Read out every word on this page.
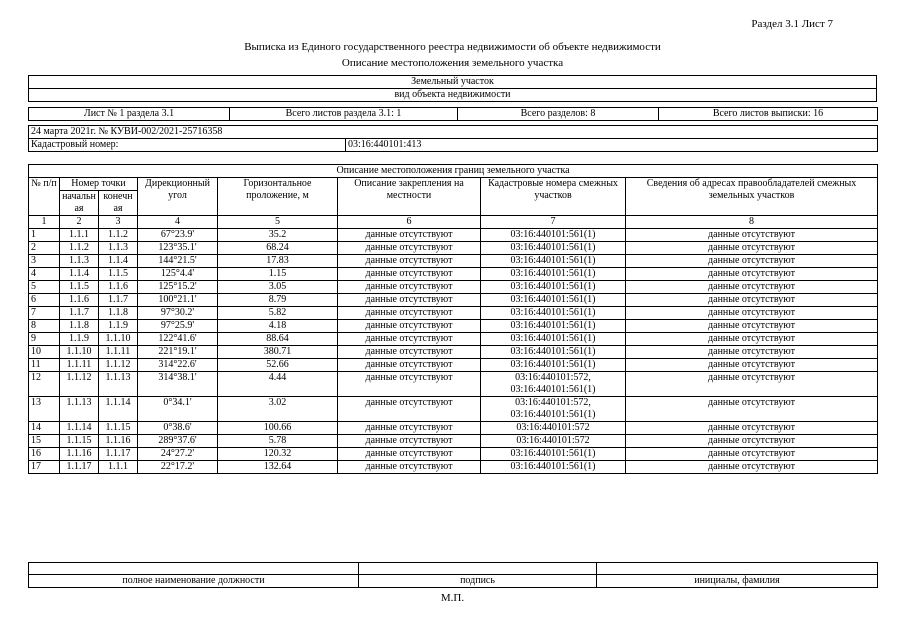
Раздел 3.1 Лист 7
Выписка из Единого государственного реестра недвижимости об объекте недвижимости
Описание местоположения земельного участка
Земельный участок
вид объекта недвижимости
Лист № 1 раздела 3.1	Всего листов раздела 3.1: 1	Всего разделов: 8	Всего листов выписки: 16
24 марта 2021г. № КУВИ-002/2021-25716358
Кадастровый номер:	03:16:440101:413
Описание местоположения границ земельного участка							
№ п/п	Номер точки		Дирекционный угол	Горизонтальное проложение, м	Описание закрепления на местности	Кадастровые номера смежных участков	Сведения об адресах правообладателей смежных земельных участков
	начальн ая	конечн ая					
1	2	3	4	5	6	7	8
1	1.1.1	1.1.2	67°23.9'	35.2	данные отсутствуют	03:16:440101:561(1)	данные отсутствуют
2	1.1.2	1.1.3	123°35.1'	68.24	данные отсутствуют	03:16:440101:561(1)	данные отсутствуют
3	1.1.3	1.1.4	144°21.5'	17.83	данные отсутствуют	03:16:440101:561(1)	данные отсутствуют
4	1.1.4	1.1.5	125°4.4'	1.15	данные отсутствуют	03:16:440101:561(1)	данные отсутствуют
5	1.1.5	1.1.6	125°15.2'	3.05	данные отсутствуют	03:16:440101:561(1)	данные отсутствуют
6	1.1.6	1.1.7	100°21.1'	8.79	данные отсутствуют	03:16:440101:561(1)	данные отсутствуют
7	1.1.7	1.1.8	97°30.2'	5.82	данные отсутствуют	03:16:440101:561(1)	данные отсутствуют
8	1.1.8	1.1.9	97°25.9'	4.18	данные отсутствуют	03:16:440101:561(1)	данные отсутствуют
9	1.1.9	1.1.10	122°41.6'	88.64	данные отсутствуют	03:16:440101:561(1)	данные отсутствуют
10	1.1.10	1.1.11	221°19.1'	380.71	данные отсутствуют	03:16:440101:561(1)	данные отсутствуют
11	1.1.11	1.1.12	314°22.6'	52.66	данные отсутствуют	03:16:440101:561(1)	данные отсутствуют
12	1.1.12	1.1.13	314°38.1'	4.44	данные отсутствуют	03:16:440101:572, 03:16:440101:561(1)	данные отсутствуют
13	1.1.13	1.1.14	0°34.1'	3.02	данные отсутствуют	03:16:440101:572, 03:16:440101:561(1)	данные отсутствуют
14	1.1.14	1.1.15	0°38.6'	100.66	данные отсутствуют	03:16:440101:572	данные отсутствуют
15	1.1.15	1.1.16	289°37.6'	5.78	данные отсутствуют	03:16:440101:572	данные отсутствуют
16	1.1.16	1.1.17	24°27.2'	120.32	данные отсутствуют	03:16:440101:561(1)	данные отсутствуют
17	1.1.17	1.1.1	22°17.2'	132.64	данные отсутствуют	03:16:440101:561(1)	данные отсутствуют

полное наименование должности	подпись	инициалы, фамилия
М.П.
